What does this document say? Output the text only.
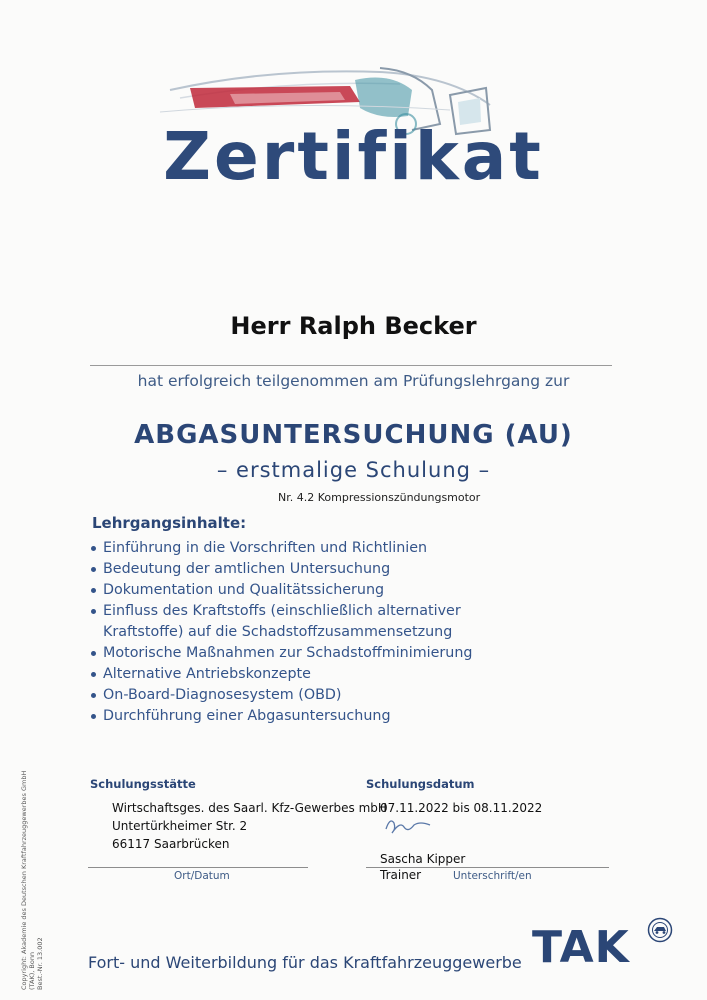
Zertifikat
Herr Ralph Becker
hat erfolgreich teilgenommen am Prüfungslehrgang zur
ABGASUNTERSUCHUNG (AU)
– erstmalige Schulung –
Nr. 4.2 Kompressionszündungsmotor
Lehrgangsinhalte:
Einführung in die Vorschriften und Richtlinien
Bedeutung der amtlichen Untersuchung
Dokumentation und Qualitätssicherung
Einfluss des Kraftstoffs (einschließlich alternativer Kraftstoffe) auf die Schadstoffzusammensetzung
Motorische Maßnahmen zur Schadstoffminimierung
Alternative Antriebskonzepte
On-Board-Diagnosesystem (OBD)
Durchführung einer Abgasuntersuchung
Schulungsstätte
Wirtschaftsges. des Saarl. Kfz-Gewerbes mbH
Untertürkheimer Str. 2
66117 Saarbrücken
Ort/Datum
Schulungsdatum
07.11.2022 bis 08.11.2022
Sascha Kipper
Trainer	Unterschrift/en
Copyright: Akademie des Deutschen Kraftfahrzeuggewerbes GmbH (TAK), Bonn Best.-Nr. 13.002	Fort- und Weiterbildung für das Kraftfahrzeuggewerbe TAK
